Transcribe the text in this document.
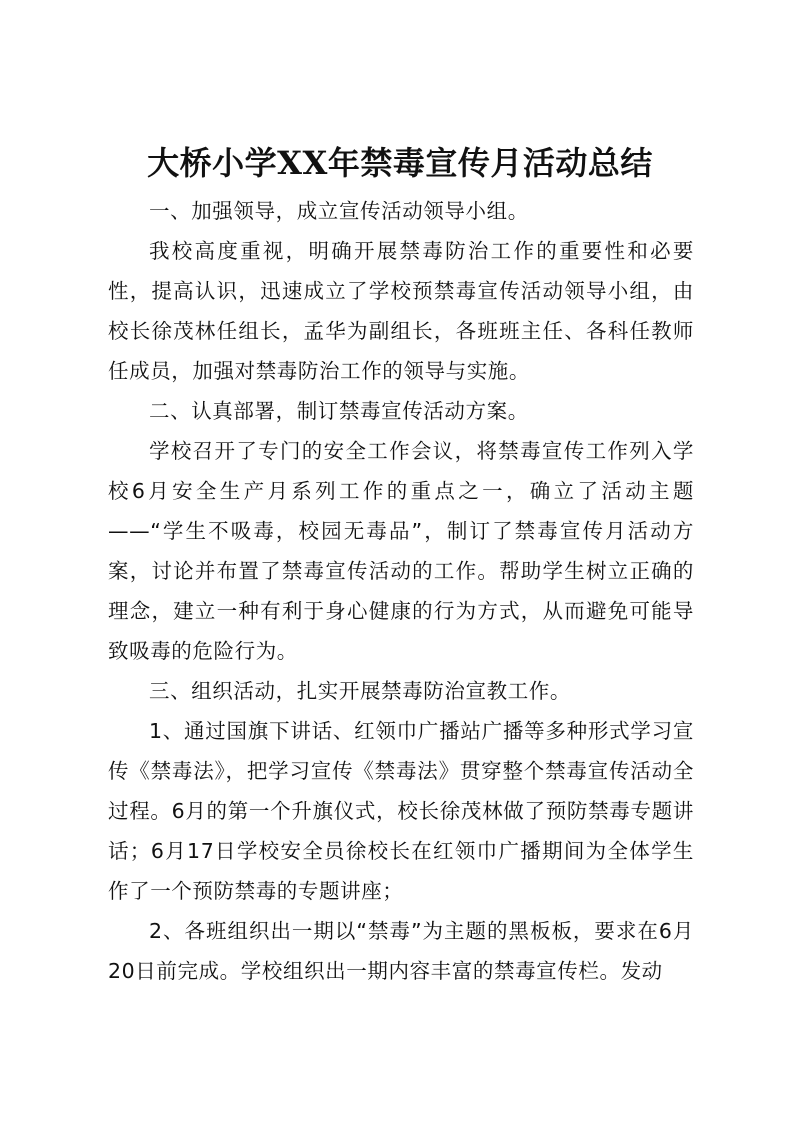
大桥小学XX年禁毒宣传月活动总结

一、加强领导，成立宣传活动领导小组。

我校高度重视，明确开展禁毒防治工作的重要性和必要性，提高认识，迅速成立了学校预禁毒宣传活动领导小组，由校长徐茂林任组长，孟华为副组长，各班班主任、各科任教师任成员，加强对禁毒防治工作的领导与实施。

二、认真部署，制订禁毒宣传活动方案。

学校召开了专门的安全工作会议，将禁毒宣传工作列入学校6月安全生产月系列工作的重点之一，确立了活动主题——“学生不吸毒，校园无毒品”，制订了禁毒宣传月活动方案，讨论并布置了禁毒宣传活动的工作。帮助学生树立正确的理念，建立一种有利于身心健康的行为方式，从而避免可能导致吸毒的危险行为。

三、组织活动，扎实开展禁毒防治宣教工作。

1、通过国旗下讲话、红领巾广播站广播等多种形式学习宣传《禁毒法》，把学习宣传《禁毒法》贯穿整个禁毒宣传活动全过程。6月的第一个升旗仪式，校长徐茂林做了预防禁毒专题讲话；6月17日学校安全员徐校长在红领巾广播期间为全体学生作了一个预防禁毒的专题讲座；

2、各班组织出一期以“禁毒”为主题的黑板板，要求在6月20日前完成。学校组织出一期内容丰富的禁毒宣传栏。发动
